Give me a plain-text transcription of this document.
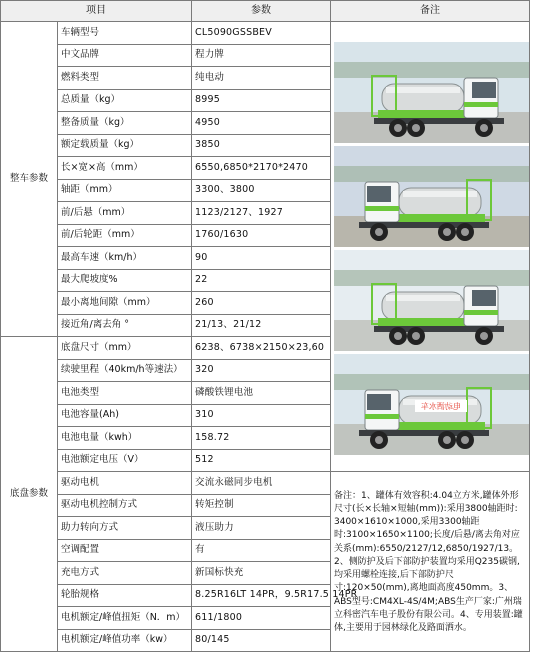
项目		参数	备注
整车参数	车辆型号	CL5090GSSBEV	电动洒水车

	中文品牌	程力牌	
	燃料类型	纯电动	
	总质量（kg）	8995	
	整备质量（kg）	4950	
	额定载质量（kg）	3850	
	长×宽×高（mm）	6550,6850*2170*2470	
	轴距（mm）	3300、3800	
	前/后悬（mm）	1123/2127、1927	
	前/后轮距（mm）	1760/1630	
	最高车速（km/h）	90	
	最大爬坡度%	22	
	最小离地间隙（mm）	260	
	接近角/离去角 °	21/13、21/12	
底盘参数	底盘尺寸（mm）	6238、6738×2150×23,60	
	续驶里程（40km/h等速法）	320	
	电池类型	磷酸铁锂电池	
	电池容量(Ah)	310	
	电池电量（kwh）	158.72	
	电池额定电压（V）	512	
	驱动电机	交流永磁同步电机	备注：1、罐体有效容积:4.04立方米,罐体外形尺寸(长×长轴×短轴(mm)):采用3800轴距时: 3400×1610×1000,采用3300轴距时:3100×1650×1100;长度/后悬/离去角对应关系(mm):6550/2127/12,6850/1927/13。2、侧防护及后下部防护装置均采用Q235碳钢,均采用螺栓连接,后下部防护尺寸:120×50(mm),离地面高度450mm。3、ABS型号:CM4XL-4S/4M;ABS生产厂家:广州瑞立科密汽车电子股份有限公司。4、专用装置:罐体,主要用于园林绿化及路面洒水。
	驱动电机控制方式	转矩控制	
	助力转向方式	液压助力	
	空调配置	有	
	充电方式	新国标快充	
	轮胎规格	8.25R16LT 14PR，9.5R17.5 14PR	
	电机额定/峰值扭矩（N．m）	611/1800	
	电机额定/峰值功率（kw）	80/145	
